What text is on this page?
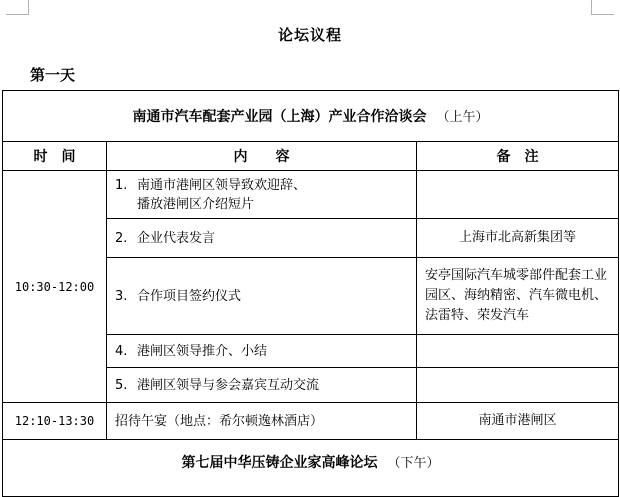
论坛议程
第一天
南通市汽车配套产业园（上海）产业合作洽谈会 （上午）		
时　间	内　　容	备　注
10:30-12:00	1. 南通市港闸区领导致欢迎辞、
播放港闸区介绍短片	
	2. 企业代表发言	上海市北高新集团等
	3. 合作项目签约仪式	安亭国际汽车城零部件配套工业园区、海纳精密、汽车微电机、法雷特、荣发汽车
	4. 港闸区领导推介、小结	
	5. 港闸区领导与参会嘉宾互动交流	
12:10-13:30	招待午宴（地点：希尔顿逸林酒店）	南通市港闸区
第七届中华压铸企业家高峰论坛 （下午）		
